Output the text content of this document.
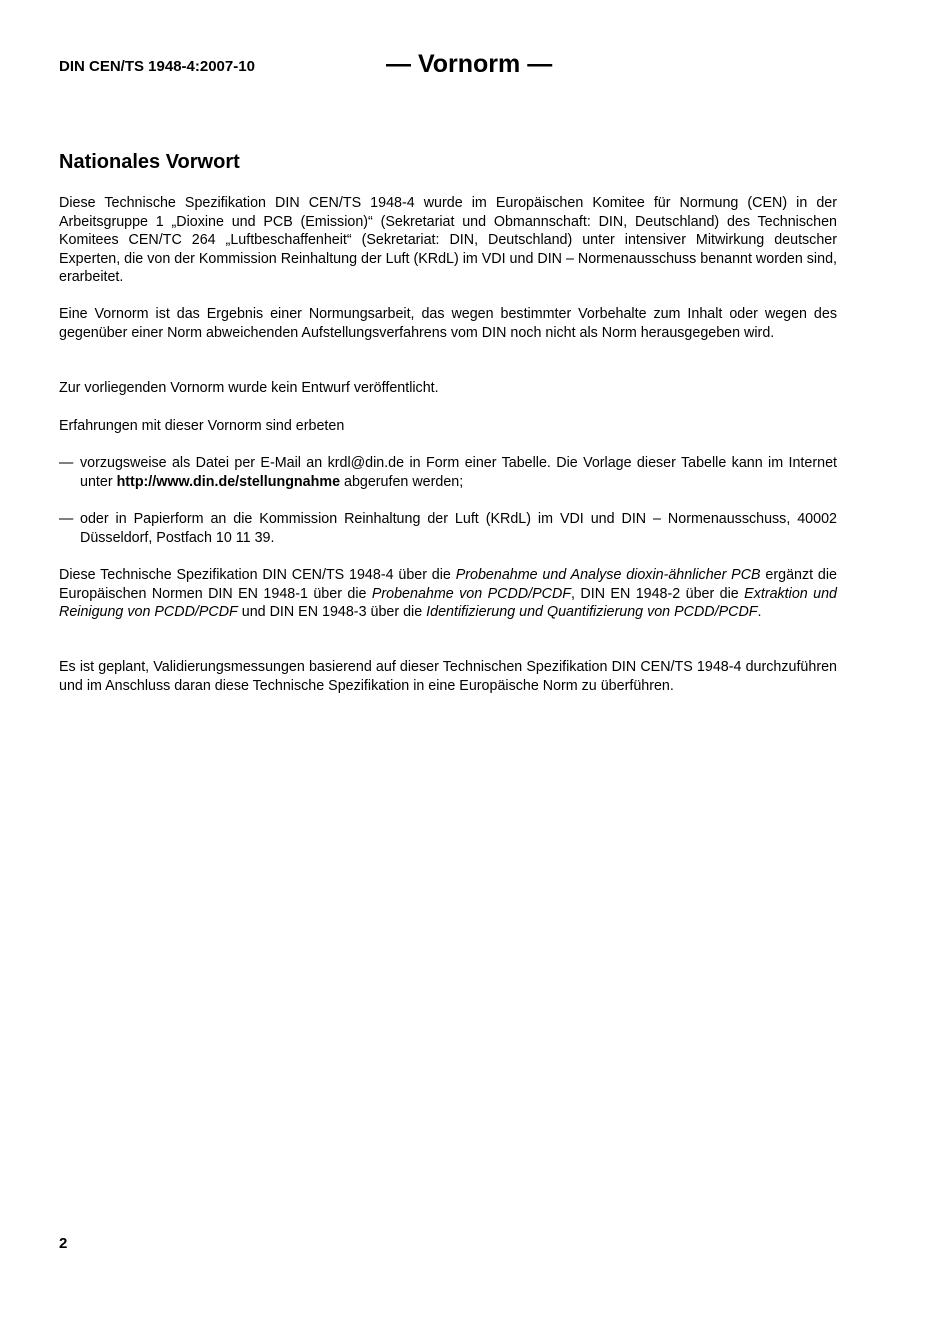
DIN CEN/TS 1948-4:2007-10	— Vornorm —
Nationales Vorwort

Diese Technische Spezifikation DIN CEN/TS 1948-4 wurde im Europäischen Komitee für Normung (CEN) in der Arbeitsgruppe 1 „Dioxine und PCB (Emission)“ (Sekretariat und Obmannschaft: DIN, Deutschland) des Technischen Komitees CEN/TC 264 „Luftbeschaffenheit“ (Sekretariat: DIN, Deutschland) unter intensiver Mitwirkung deutscher Experten, die von der Kommission Reinhaltung der Luft (KRdL) im VDI und DIN – Normenausschuss benannt worden sind, erarbeitet.

Eine Vornorm ist das Ergebnis einer Normungsarbeit, das wegen bestimmter Vorbehalte zum Inhalt oder wegen des gegenüber einer Norm abweichenden Aufstellungsverfahrens vom DIN noch nicht als Norm herausgegeben wird.

Zur vorliegenden Vornorm wurde kein Entwurf veröffentlicht.

Erfahrungen mit dieser Vornorm sind erbeten

— vorzugsweise als Datei per E-Mail an krdl@din.de in Form einer Tabelle. Die Vorlage dieser Tabelle kann im Internet unter http://www.din.de/stellungnahme abgerufen werden;
— oder in Papierform an die Kommission Reinhaltung der Luft (KRdL) im VDI und DIN – Normenausschuss, 40002 Düsseldorf, Postfach 10 11 39.

Diese Technische Spezifikation DIN CEN/TS 1948-4 über die Probenahme und Analyse dioxin-ähnlicher PCB ergänzt die Europäischen Normen DIN EN 1948-1 über die Probenahme von PCDD/PCDF, DIN EN 1948-2 über die Extraktion und Reinigung von PCDD/PCDF und DIN EN 1948-3 über die Identifizierung und Quantifizierung von PCDD/PCDF.

Es ist geplant, Validierungsmessungen basierend auf dieser Technischen Spezifikation DIN CEN/TS 1948-4 durchzuführen und im Anschluss daran diese Technische Spezifikation in eine Europäische Norm zu überführen.

2
